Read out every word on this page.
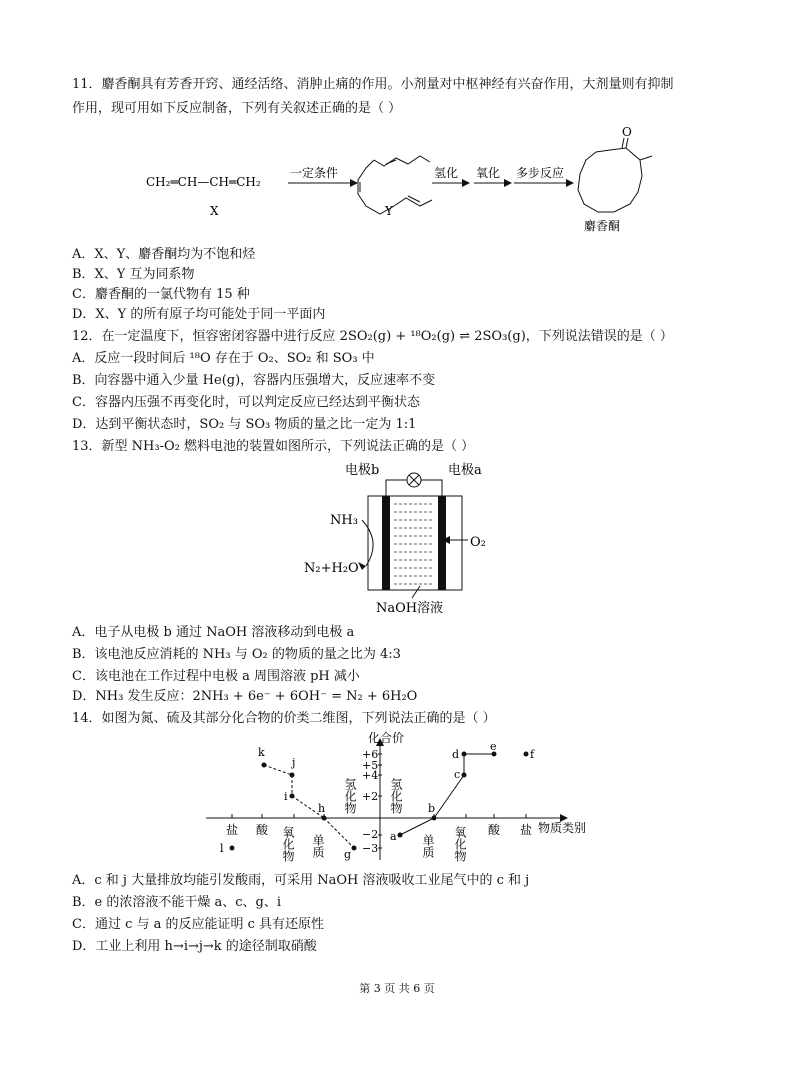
11．麝香酮具有芳香开窍、通经活络、消肿止痛的作用。小剂量对中枢神经有兴奋作用，大剂量则有抑制
作用，现可用如下反应制备，下列有关叙述正确的是（ ）
CH₂═CH—CH═CH₂
X
一定条件
Y
氢化 氧化 多步反应
O
麝香酮
A．X、Y、麝香酮均为不饱和烃
B．X、Y 互为同系物
C．麝香酮的一氯代物有 15 种
D．X、Y 的所有原子均可能处于同一平面内
12．在一定温度下，恒容密闭容器中进行反应 2SO₂(g) + ¹⁸O₂(g) ⇌ 2SO₃(g)，下列说法错误的是（ ）
A．反应一段时间后 ¹⁸O 存在于 O₂、SO₂ 和 SO₃ 中
B．向容器中通入少量 He(g)，容器内压强增大，反应速率不变
C．容器内压强不再变化时，可以判定反应已经达到平衡状态
D．达到平衡状态时，SO₂ 与 SO₃ 物质的量之比一定为 1:1
13．新型 NH₃-O₂ 燃料电池的装置如图所示，下列说法正确的是（ ）
电极b	电极a
NH₃
N₂+H₂O
O₂
NaOH溶液
A．电子从电极 b 通过 NaOH 溶液移动到电极 a
B．该电池反应消耗的 NH₃ 与 O₂ 的物质的量之比为 4:3
C．该电池在工作过程中电极 a 周围溶液 pH 减小
D．NH₃ 发生反应：2NH₃ + 6e⁻ + 6OH⁻ = N₂ + 6H₂O
14．如图为氮、硫及其部分化合物的价类二维图，下列说法正确的是（ ）
化合价
物质类别
+6
+5
+4
+2
−2
−3
氢化物	氢化物
盐 酸 氧化物 单质	单质 氧化物 酸 盐
k
j
i
h
g
l
a
b
c
d
e
f
A．c 和 j 大量排放均能引发酸雨，可采用 NaOH 溶液吸收工业尾气中的 c 和 j
B．e 的浓溶液不能干燥 a、c、g、i
C．通过 c 与 a 的反应能证明 c 具有还原性
D．工业上利用 h→i→j→k 的途径制取硝酸
第 3 页 共 6 页
